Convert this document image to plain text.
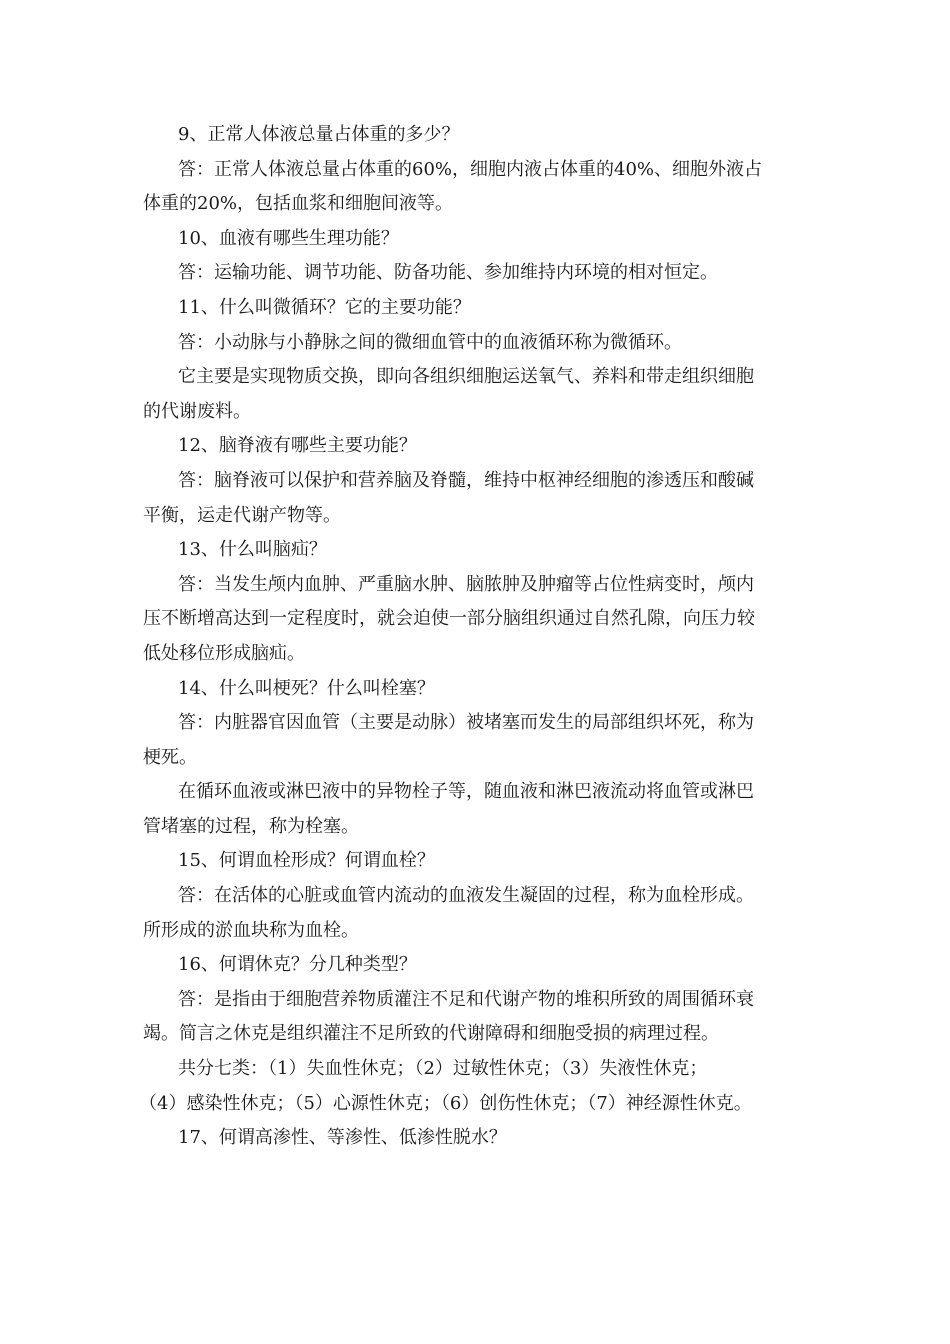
9、正常人体液总量占体重的多少？
答：正常人体液总量占体重的60%，细胞内液占体重的40%、细胞外液占
体重的20%，包括血浆和细胞间液等。
10、血液有哪些生理功能？
答：运输功能、调节功能、防备功能、参加维持内环境的相对恒定。
11、什么叫微循环？它的主要功能？
答：小动脉与小静脉之间的微细血管中的血液循环称为微循环。
它主要是实现物质交换，即向各组织细胞运送氧气、养料和带走组织细胞
的代谢废料。
12、脑脊液有哪些主要功能？
答：脑脊液可以保护和营养脑及脊髓，维持中枢神经细胞的渗透压和酸碱
平衡，运走代谢产物等。
13、什么叫脑疝？
答：当发生颅内血肿、严重脑水肿、脑脓肿及肿瘤等占位性病变时，颅内
压不断增高达到一定程度时，就会迫使一部分脑组织通过自然孔隙，向压力较
低处移位形成脑疝。
14、什么叫梗死？什么叫栓塞？
答：内脏器官因血管（主要是动脉）被堵塞而发生的局部组织坏死，称为
梗死。
在循环血液或淋巴液中的异物栓子等，随血液和淋巴液流动将血管或淋巴
管堵塞的过程，称为栓塞。
15、何谓血栓形成？何谓血栓？
答：在活体的心脏或血管内流动的血液发生凝固的过程，称为血栓形成。
所形成的淤血块称为血栓。
16、何谓休克？分几种类型？
答：是指由于细胞营养物质灌注不足和代谢产物的堆积所致的周围循环衰
竭。简言之休克是组织灌注不足所致的代谢障碍和细胞受损的病理过程。
共分七类：（1）失血性休克；（2）过敏性休克；（3）失液性休克；
（4）感染性休克；（5）心源性休克；（6）创伤性休克；（7）神经源性休克。
17、何谓高渗性、等渗性、低渗性脱水？
